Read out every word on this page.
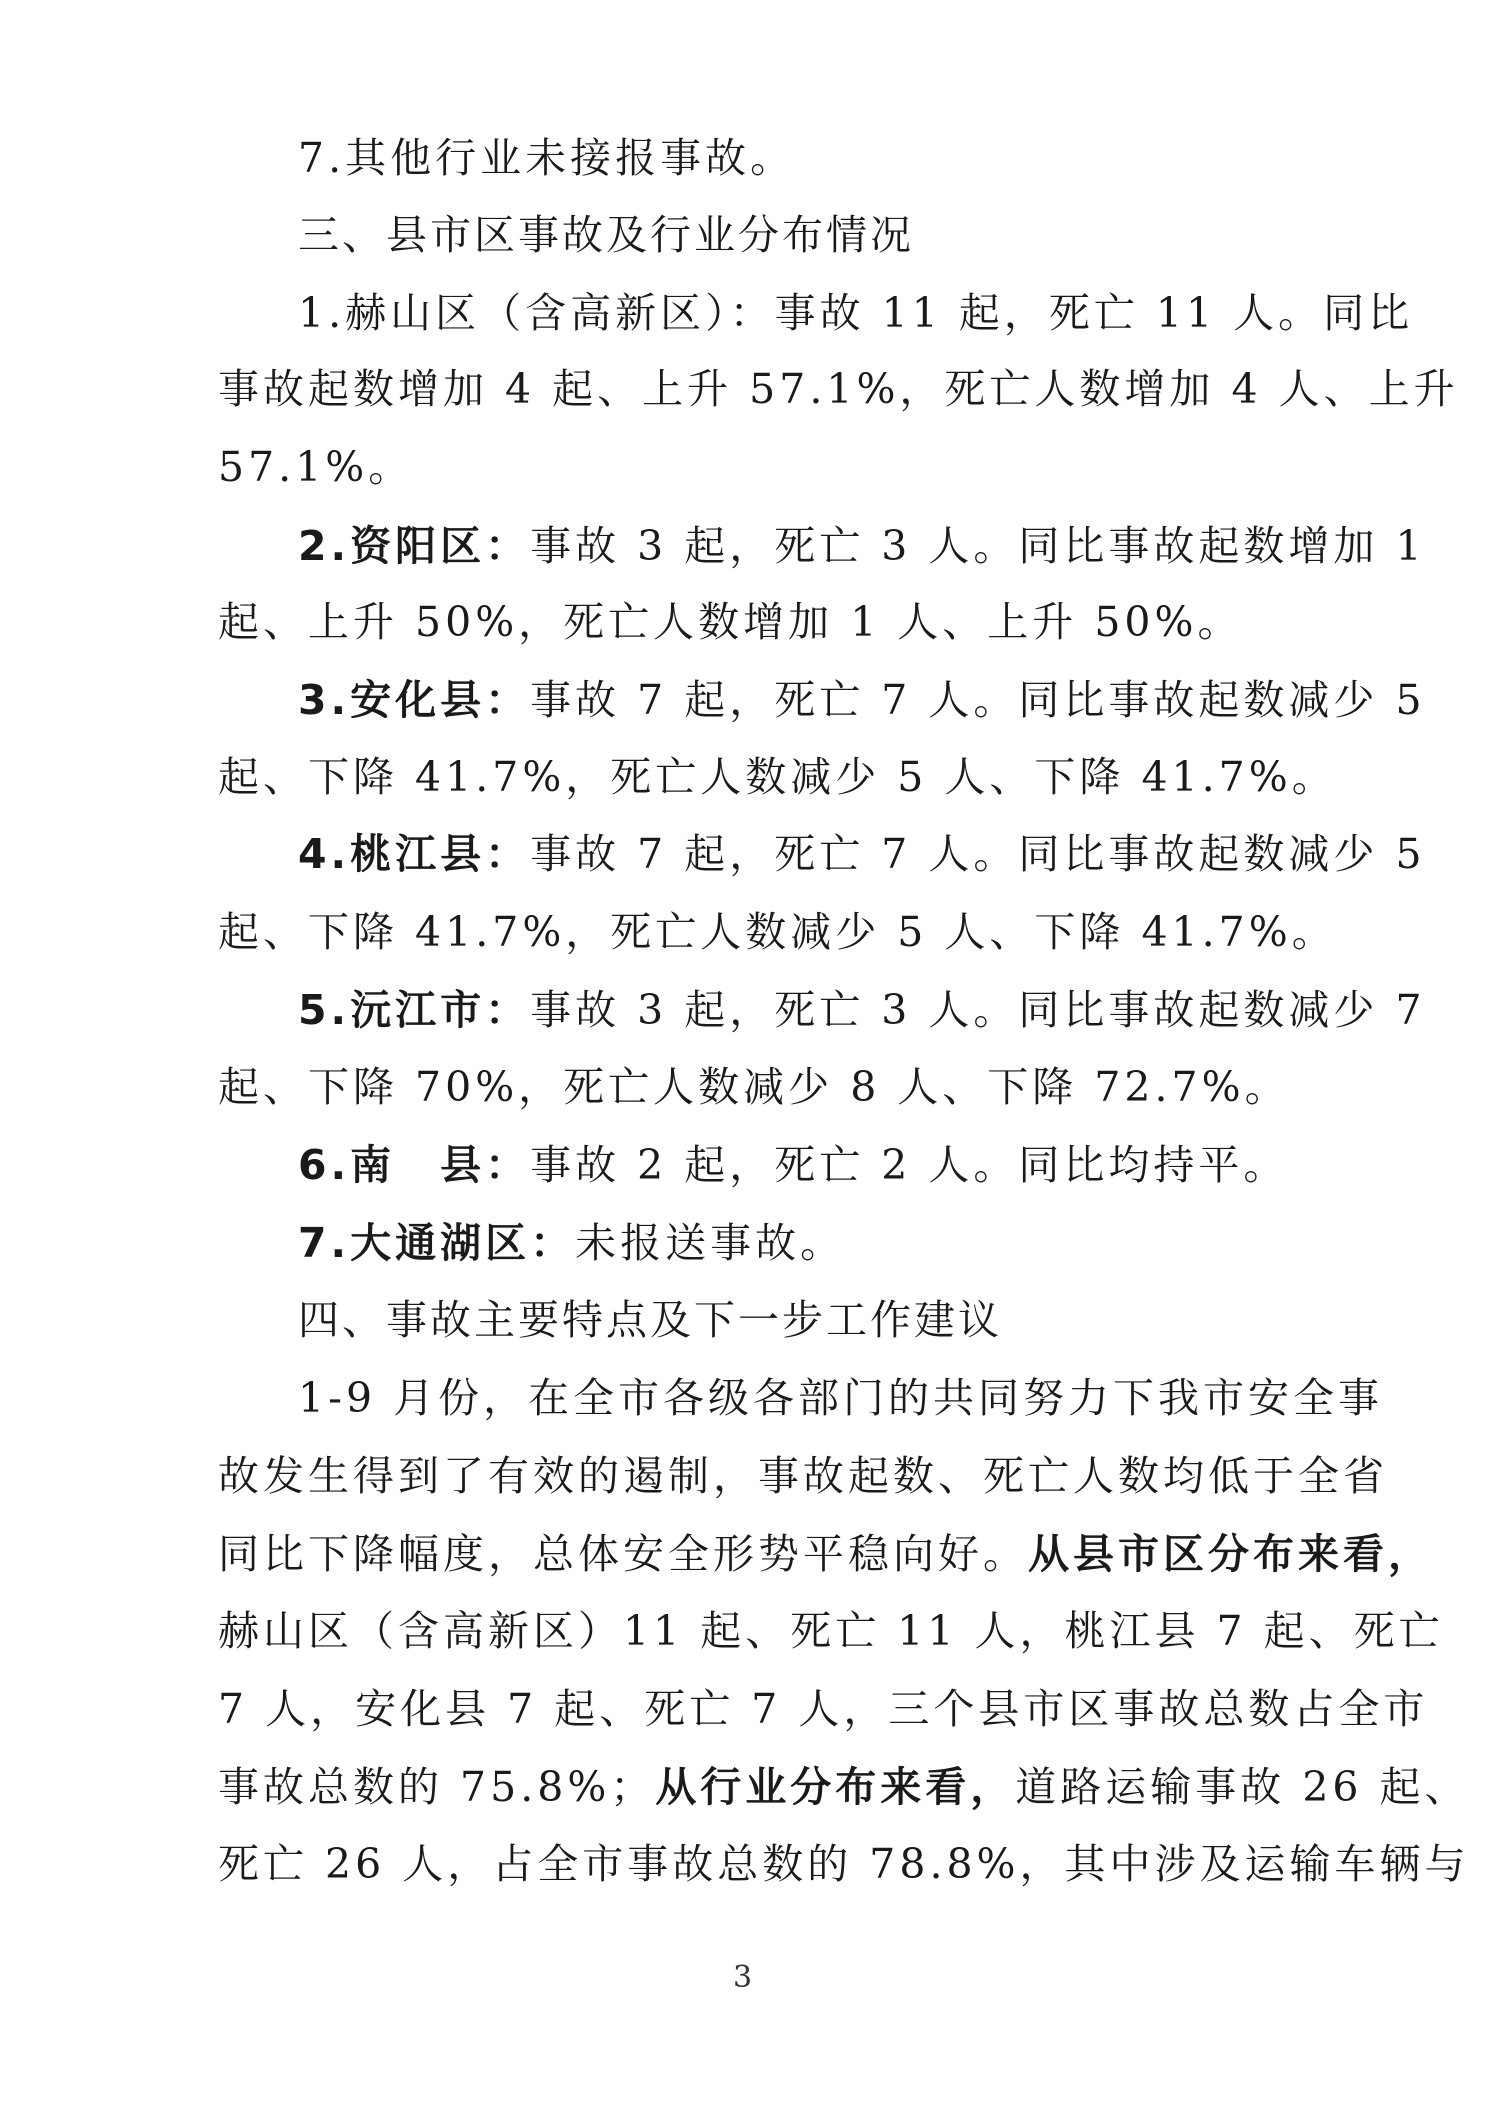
7.其他行业未接报事故。
三、县市区事故及行业分布情况
1.赫山区（含高新区）：事故 11 起，死亡 11 人。同比
事故起数增加 4 起、上升 57.1%，死亡人数增加 4 人、上升
57.1%。
2.资阳区：事故 3 起，死亡 3 人。同比事故起数增加 1
起、上升 50%，死亡人数增加 1 人、上升 50%。
3.安化县：事故 7 起，死亡 7 人。同比事故起数减少 5
起、下降 41.7%，死亡人数减少 5 人、下降 41.7%。
4.桃江县：事故 7 起，死亡 7 人。同比事故起数减少 5
起、下降 41.7%，死亡人数减少 5 人、下降 41.7%。
5.沅江市：事故 3 起，死亡 3 人。同比事故起数减少 7
起、下降 70%，死亡人数减少 8 人、下降 72.7%。
6.南　县：事故 2 起，死亡 2 人。同比均持平。
7.大通湖区：未报送事故。
四、事故主要特点及下一步工作建议
1-9 月份，在全市各级各部门的共同努力下我市安全事
故发生得到了有效的遏制，事故起数、死亡人数均低于全省
同比下降幅度，总体安全形势平稳向好。从县市区分布来看，
赫山区（含高新区）11 起、死亡 11 人，桃江县 7 起、死亡
7 人，安化县 7 起、死亡 7 人，三个县市区事故总数占全市
事故总数的 75.8%；从行业分布来看，道路运输事故 26 起、
死亡 26 人，占全市事故总数的 78.8%，其中涉及运输车辆与
3
